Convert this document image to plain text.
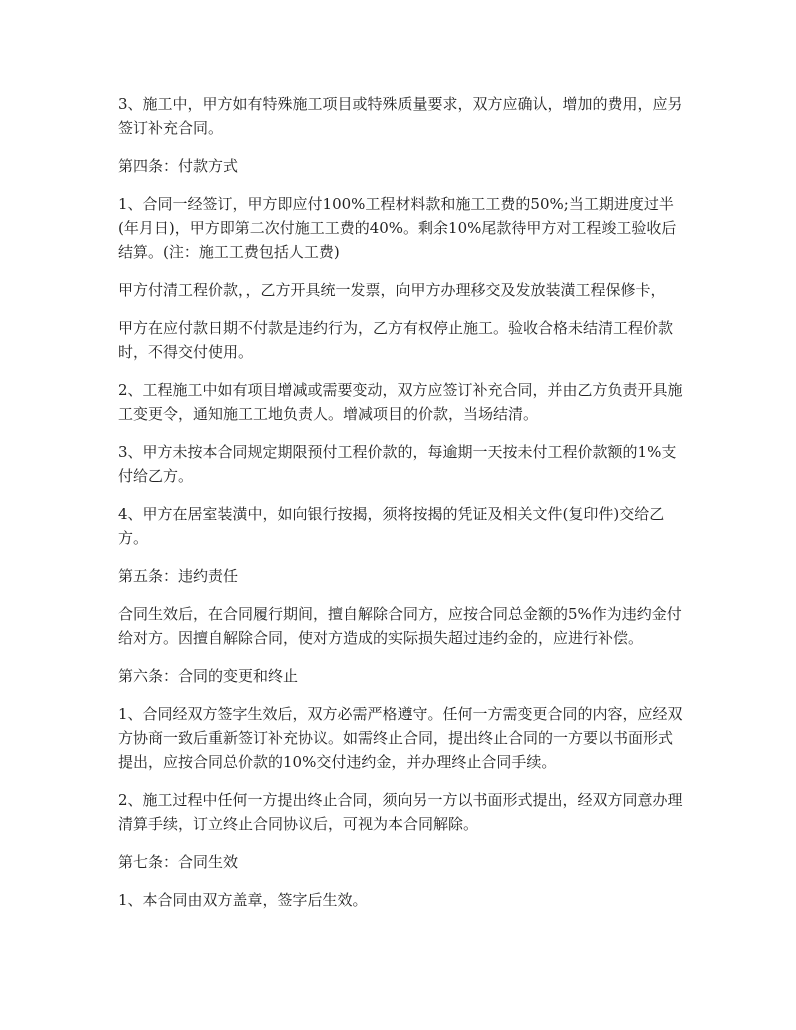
3、施工中，甲方如有特殊施工项目或特殊质量要求，双方应确认，增加的费用，应另签订补充合同。

第四条：付款方式

1、合同一经签订，甲方即应付100%工程材料款和施工工费的50%;当工期进度过半(年月日)，甲方即第二次付施工工费的40%。剩余10%尾款待甲方对工程竣工验收后结算。(注：施工工费包括人工费)

甲方付清工程价款，，乙方开具统一发票，向甲方办理移交及发放装潢工程保修卡，

甲方在应付款日期不付款是违约行为，乙方有权停止施工。验收合格未结清工程价款时，不得交付使用。

2、工程施工中如有项目增减或需要变动，双方应签订补充合同，并由乙方负责开具施工变更令，通知施工工地负责人。增减项目的价款，当场结清。

3、甲方未按本合同规定期限预付工程价款的，每逾期一天按未付工程价款额的1%支付给乙方。

4、甲方在居室装潢中，如向银行按揭，须将按揭的凭证及相关文件(复印件)交给乙方。

第五条：违约责任

合同生效后，在合同履行期间，擅自解除合同方，应按合同总金额的5%作为违约金付给对方。因擅自解除合同，使对方造成的实际损失超过违约金的，应进行补偿。

第六条：合同的变更和终止

1、合同经双方签字生效后，双方必需严格遵守。任何一方需变更合同的内容，应经双方协商一致后重新签订补充协议。如需终止合同，提出终止合同的一方要以书面形式提出，应按合同总价款的10%交付违约金，并办理终止合同手续。

2、施工过程中任何一方提出终止合同，须向另一方以书面形式提出，经双方同意办理清算手续，订立终止合同协议后，可视为本合同解除。

第七条：合同生效

1、本合同由双方盖章，签字后生效。
